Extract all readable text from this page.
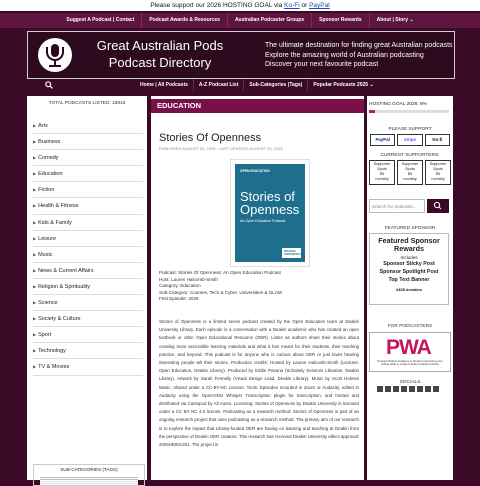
Please support our 2026 HOSTING GOAL via Ko-Fi or PayPal
Suggest A Podcast | Contact	Podcast Awards & Resources	Australian Podcaster Groups	Sponsor Rewards	About | Story ⌄
Great Australian Pods
Podcast Directory
The ultimate destination for finding great Australian podcasts
Explore the amazing world of Australian podcasting
Discover your next favourite podcast
Home | All Podcasts	A-Z Podcast List	Sub-Categories (Tags)	Popular Podcasts 2025 ⌄
TOTAL PODCASTS LISTED: 18815
▶ Arts
▶ Business
▶ Comedy
▶ Education
▶ Fiction
▶ Health & Fitness
▶ Kids & Family
▶ Leisure
▶ Music
▶ News & Current Affairs
▶ Religion & Spirituality
▶ Science
▶ Society & Culture
▶ Sport
▶ Technology
▶ TV & Movies
SUB-CATEGORIES (TAGS)
EDUCATION
Stories Of Openness
PUBLISHED AUGUST 29, 2026 · LAST UPDATED AUGUST 29, 2026
OPEN EDUCATION
Stories of
Openness
An Open Education Podcast
DEAKIN UNIVERSITY
Podcast: Stories Of Openness: An Open Education Podcast
Host: Lauren Halcomb-Smith
Category: Education
Sub-Category: Courses, Tech & Cyber, Universities & GLAM
First Episode: 2026
Stories of Openness is a limited series podcast created by the Open Education team at Deakin University Library. Each episode is a conversation with a Deakin academic who has created an open textbook or other Open Educational Resource (OER). Listen as authors share their stories about creating more accessible learning materials and what it has meant for their students, their teaching practice, and beyond. This podcast is for anyone who is curious about OER or just loves hearing interesting people tell their stories. Production credits: Hosted by Lauren Halcomb-Smith (Lecturer, Open Education, Deakin Library). Produced by Eddie Pasuna (Scholarly Services Librarian, Deakin Library). Artwork by Sarah Fennelly (Visual Design Lead, Deakin Library). Music by Scott Holmes Music, shared under a CC-BY-NC License. Tools: Episodes recorded in Zoom or Audacity, edited in Audacity using the OpenVINO Whisper Transcription plugin for transcription, and hosted and distributed via Castopod by All Aures. Licensing: Stories of Openness by Deakin University is licensed under a CC BY NC 4.0 license. Podcasting as a research method: Stories of Openness is part of an ongoing research project that uses podcasting as a research method. The primary aim of our research is to explore the impact that Library-funded OER are having on learning and teaching at Deakin from the perspective of Deakin OER creators. This research has received Deakin University ethics approval: 2025HE001261. The project is
HOSTING GOAL 2026: 8%
PLEASE SUPPORT
PayPal	stripe	Ko-fi
CURRENT SUPPORTERS:
Supporter
Spots
$5
monthly
Supporter
Spots
$5
monthly
Supporter
Spots
$5
monthly
Search for podcasts...
FEATURED SPONSOR
Featured Sponsor
Rewards
Includes
Sponsor Sticky Post
Sponsor Spotlight Post
Top Text Banner
A$35 donation
FOR PODCASTERS
PWA
Podcast Writers Academy is all about improving your writing skills to create a better podcast industry
SOCIALS
